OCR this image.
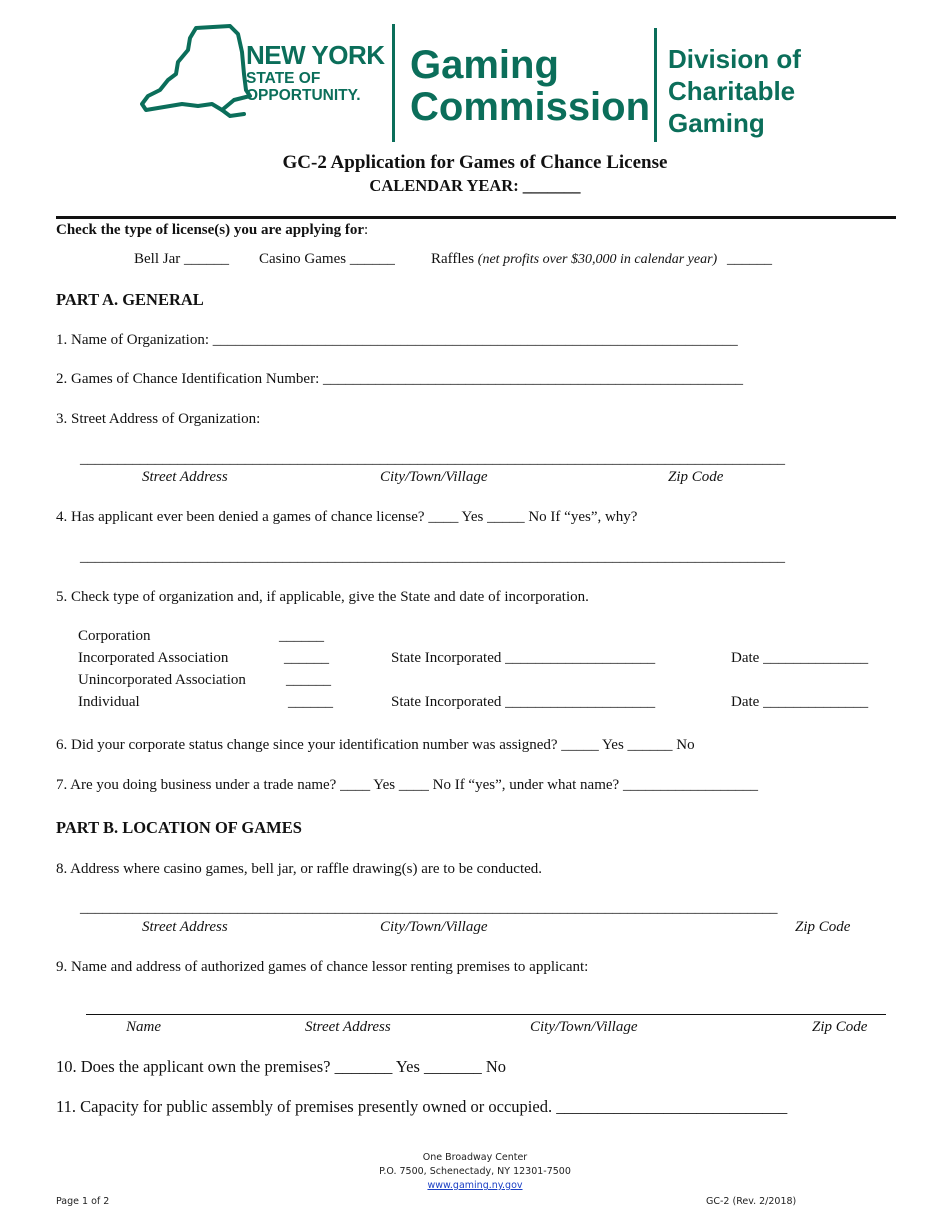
NEW YORK
STATE OF
OPPORTUNITY.
Gaming
Commission
Division of
Charitable
Gaming
GC-2 Application for Games of Chance License
CALENDAR YEAR: _______
Check the type of license(s) you are applying for:
Bell Jar ______ Casino Games ______ Raffles (net profits over $30,000 in calendar year) ______
PART A. GENERAL
1. Name of Organization: ______________________________________________________________________
2. Games of Chance Identification Number: ________________________________________________________
3. Street Address of Organization:
______________________________________________________________________________________________
Street Address	City/Town/Village	Zip Code
4. Has applicant ever been denied a games of chance license? ____ Yes _____ No If “yes”, why?
______________________________________________________________________________________________
5. Check type of organization and, if applicable, give the State and date of incorporation.
Corporation	______
Incorporated Association	______	State Incorporated ____________________	Date ______________
Unincorporated Association	______
Individual	______	State Incorporated ____________________	Date ______________
6. Did your corporate status change since your identification number was assigned? _____ Yes ______ No
7. Are you doing business under a trade name? ____ Yes ____ No If “yes”, under what name? __________________
PART B. LOCATION OF GAMES
8. Address where casino games, bell jar, or raffle drawing(s) are to be conducted.
_____________________________________________________________________________________________
Street Address	City/Town/Village	Zip Code
9. Name and address of authorized games of chance lessor renting premises to applicant:
Name	Street Address	City/Town/Village	Zip Code
10. Does the applicant own the premises? _______ Yes _______ No
11. Capacity for public assembly of premises presently owned or occupied. ____________________________
One Broadway Center
P.O. 7500, Schenectady, NY 12301-7500
www.gaming.ny.gov
Page 1 of 2	GC-2 (Rev. 2/2018)
